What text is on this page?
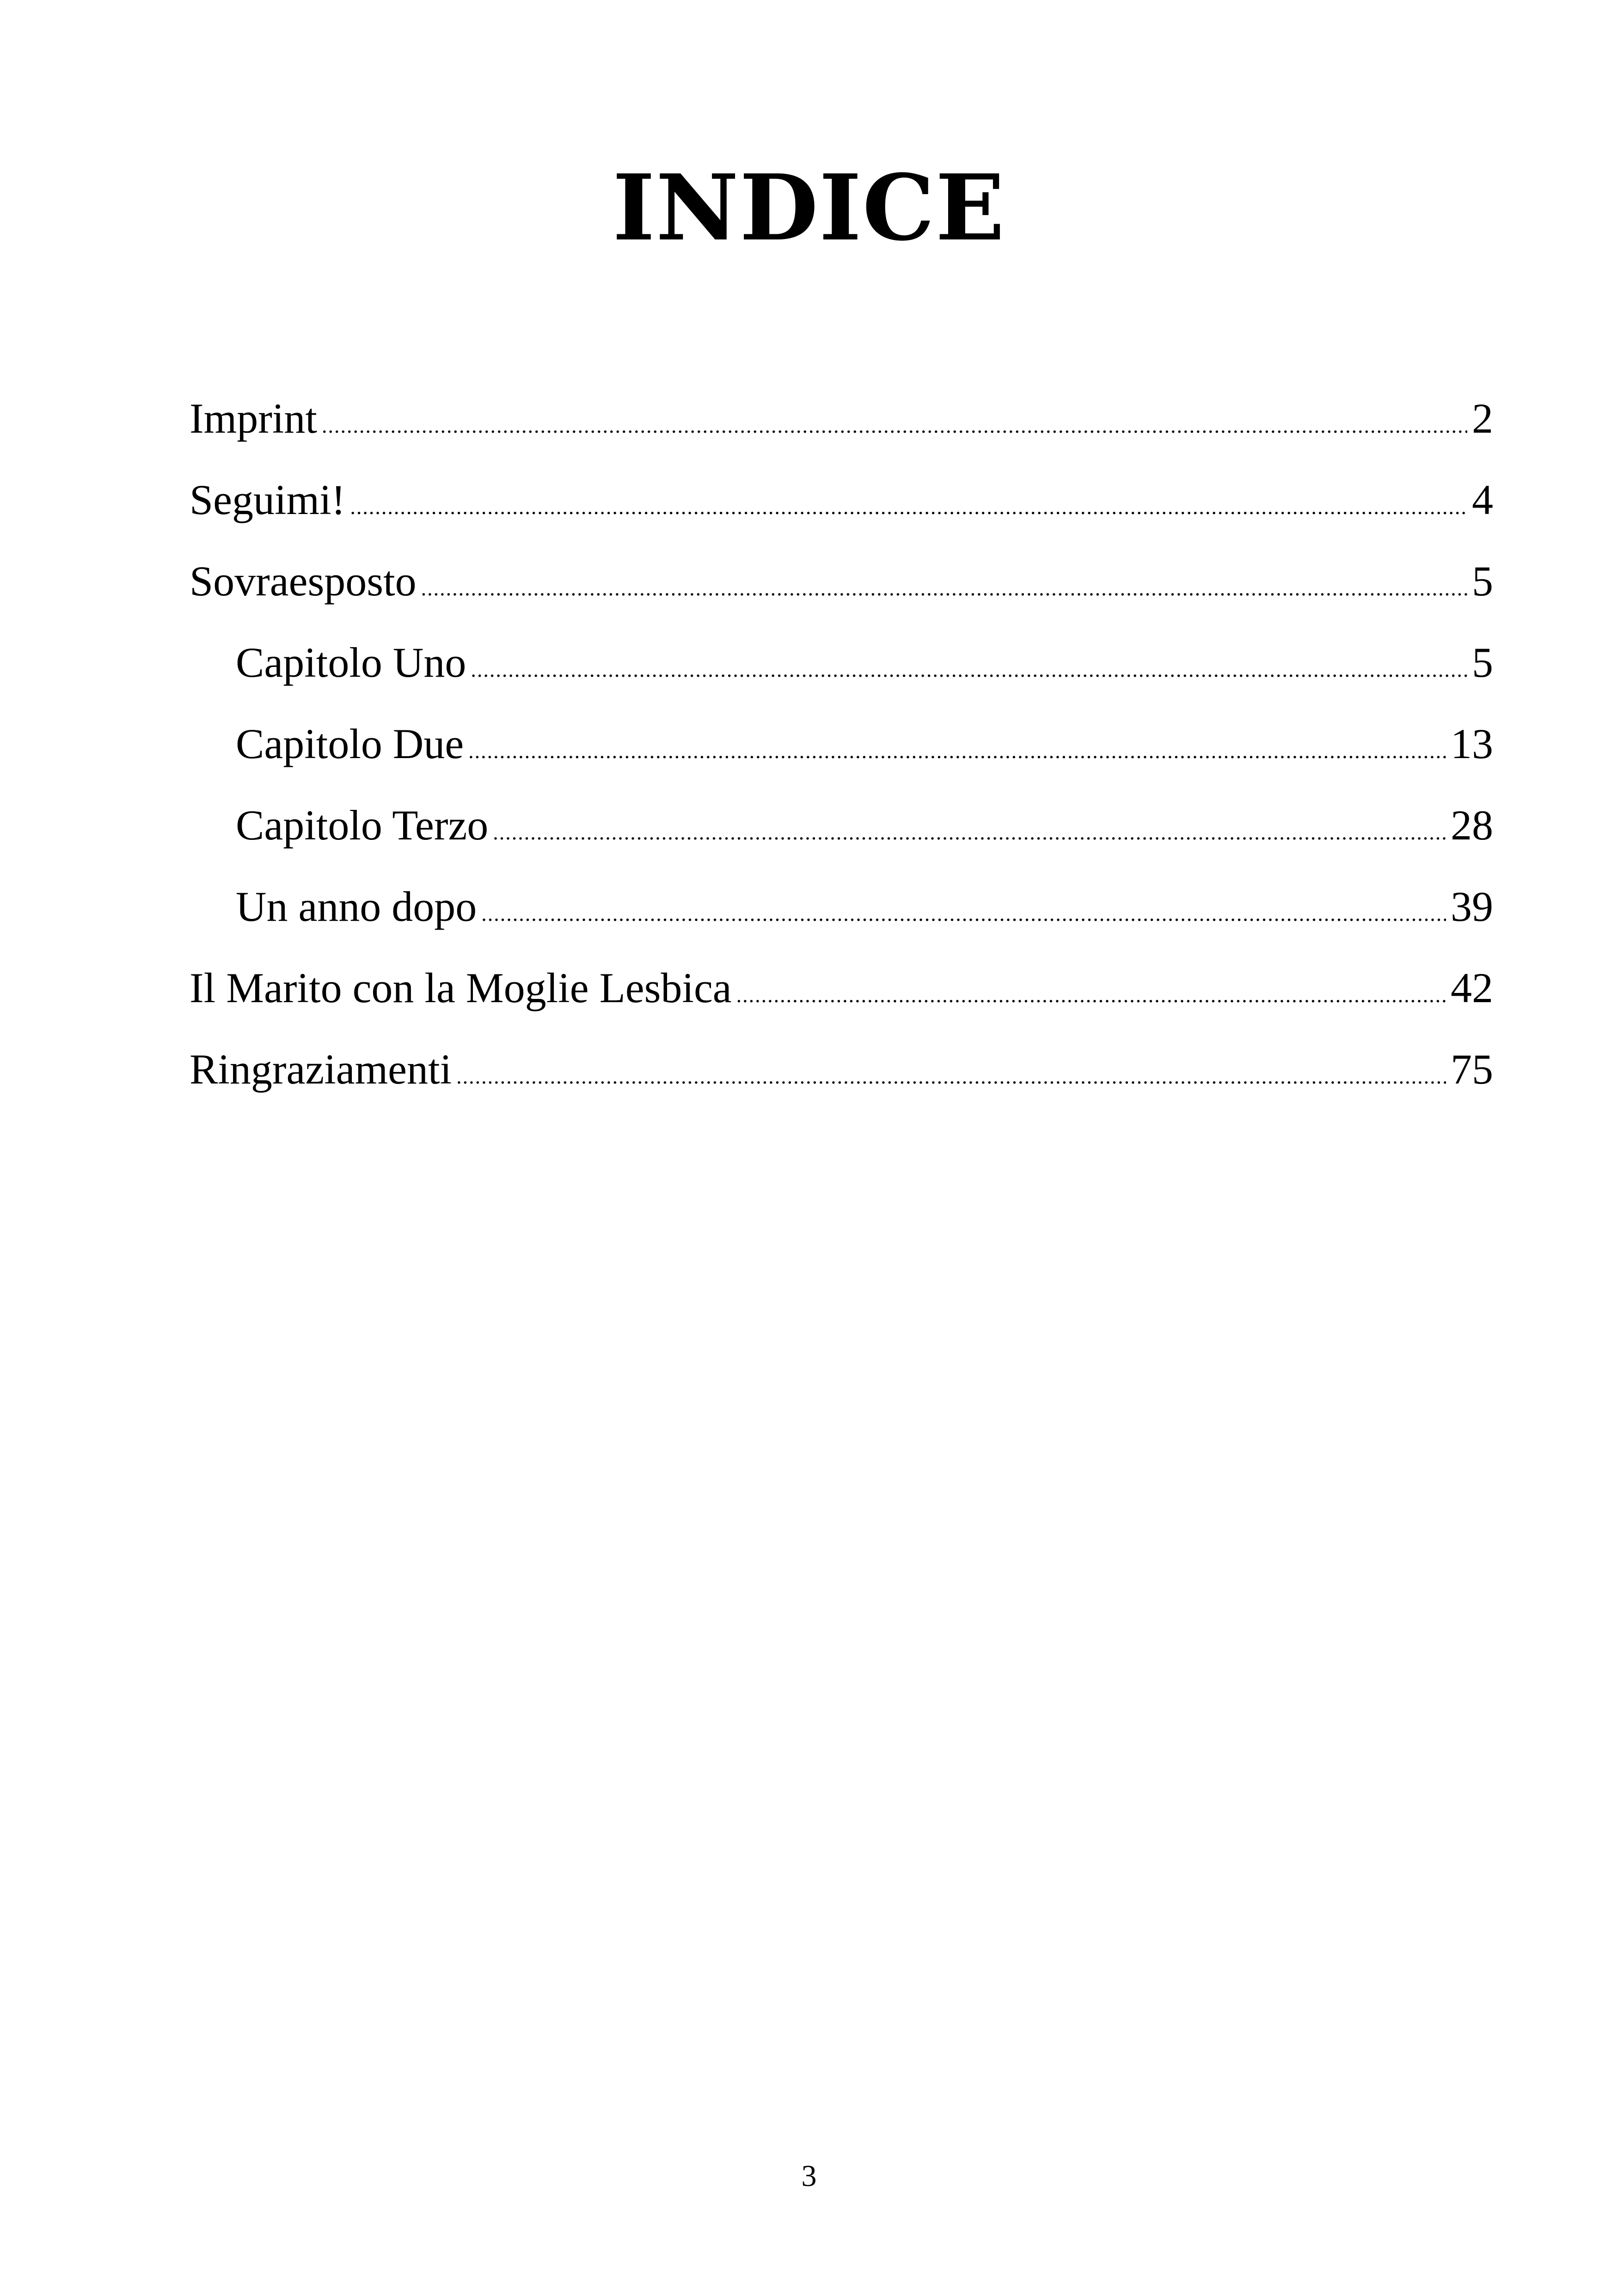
INDICE
Imprint .....	2
Seguimi! .....	4
Sovraesposto .....	5
Capitolo Uno .....	5
Capitolo Due .....	13
Capitolo Terzo .....	28
Un anno dopo .....	39
Il Marito con la Moglie Lesbica .....	42
Ringraziamenti .....	75
3
